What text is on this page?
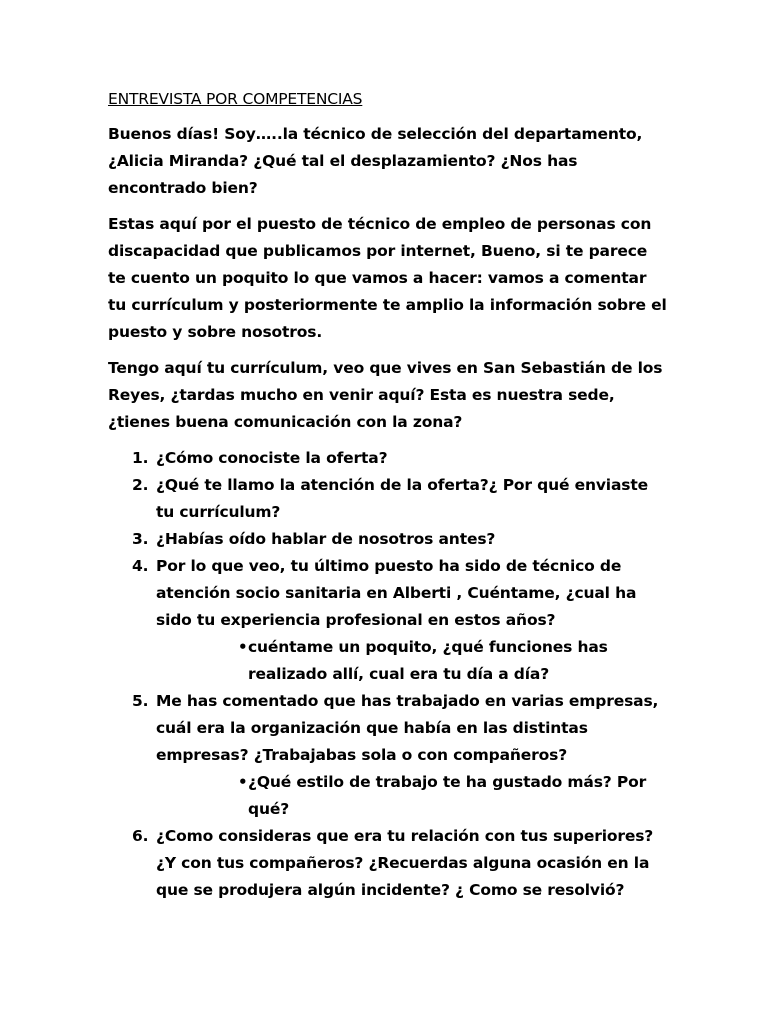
ENTREVISTA POR COMPETENCIAS

Buenos días! Soy…..la técnico de selección del departamento, ¿Alicia Miranda? ¿Qué tal el desplazamiento? ¿Nos has encontrado bien?

Estas aquí por el puesto de técnico de empleo de personas con discapacidad que publicamos por internet, Bueno, si te parece te cuento un poquito lo que vamos a hacer: vamos a comentar tu currículum y posteriormente te amplio la información sobre el puesto y sobre nosotros.

Tengo aquí tu currículum, veo que vives en San Sebastián de los Reyes, ¿tardas mucho en venir aquí? Esta es nuestra sede, ¿tienes buena comunicación con la zona?

1. ¿Cómo conociste la oferta?
2. ¿Qué te llamo la atención de la oferta?¿ Por qué enviaste tu currículum?
3. ¿Habías oído hablar de nosotros antes?
4. Por lo que veo, tu último puesto ha sido de técnico de atención socio sanitaria en Alberti , Cuéntame, ¿cual ha sido tu experiencia profesional en estos años?
• cuéntame un poquito, ¿qué funciones has realizado allí, cual era tu día a día?
5. Me has comentado que has trabajado en varias empresas, cuál era la organización que había en las distintas empresas? ¿Trabajabas sola o con compañeros?
• ¿Qué estilo de trabajo te ha gustado más? Por qué?
6. ¿Como consideras que era tu relación con tus superiores? ¿Y con tus compañeros? ¿Recuerdas alguna ocasión en la que se produjera algún incidente? ¿ Como se resolvió?
